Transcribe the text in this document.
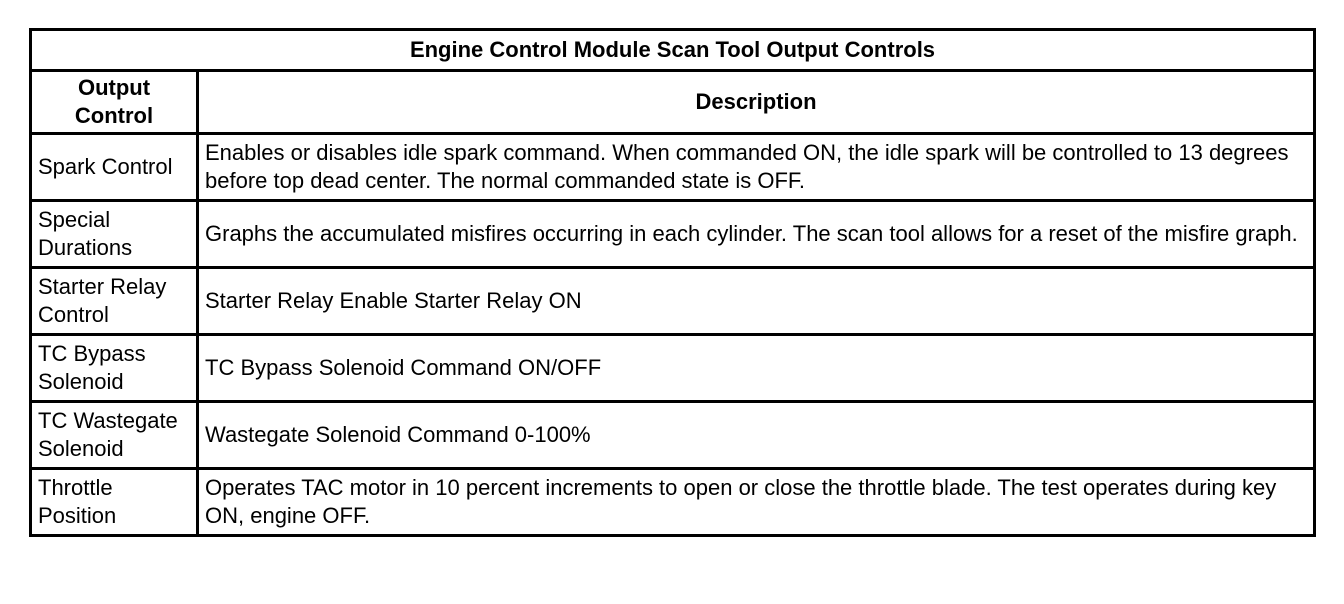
Engine Control Module Scan Tool Output Controls	
Output Control	Description
Spark Control	Enables or disables idle spark command. When commanded ON, the idle spark will be controlled to 13 degrees before top dead center. The normal commanded state is OFF.
Special Durations	Graphs the accumulated misfires occurring in each cylinder. The scan tool allows for a reset of the misfire graph.
Starter Relay Control	Starter Relay Enable Starter Relay ON
TC Bypass Solenoid	TC Bypass Solenoid Command ON/OFF
TC Wastegate Solenoid	Wastegate Solenoid Command 0-100%
Throttle Position	Operates TAC motor in 10 percent increments to open or close the throttle blade. The test operates during key ON, engine OFF.
